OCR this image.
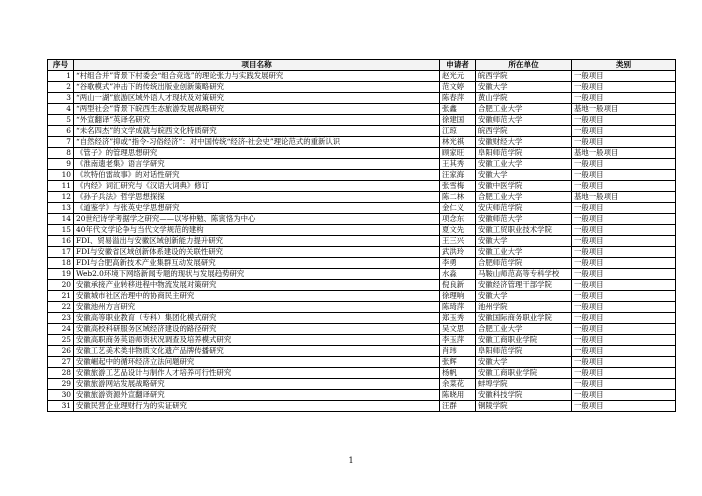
序号	项目名称	申请者	所在单位	类别
1	“村组合并”背景下村委会“组合竞选”的理论张力与实践发展研究	赵光元	皖西学院	一般项目
2	“谷歌模式”冲击下的传统出版业创新策略研究	范文婷	安徽大学	一般项目
3	“两山一湖”旅游区域外语人才现状及对策研究	陈春萍	黄山学院	一般项目
4	“两型社会”背景下皖西生态旅游发展战略研究	张鑫	合肥工业大学	基地一般项目
5	“外宣翻译”英译名研究	徐建国	安徽师范大学	一般项目
6	“未名四杰”的文学成就与皖西文化特质研究	江琼	皖西学院	一般项目
7	“自然经济”抑或“指令-习俗经济”：对中国传统“经济-社会史”理论范式的重新认识	林光祺	安徽财经大学	一般项目
8	《管子》的管理思想研究	顾家旺	阜阳师范学院	基地一般项目
9	《淮南遗老集》语言学研究	王其秀	安徽工业大学	一般项目
10	《坎特伯雷故事》的对话性研究	汪家海	安徽大学	一般项目
11	《内经》词汇研究与《汉语大词典》修订	张雪梅	安徽中医学院	一般项目
12	《孙子兵法》哲学思想探探	陈二林	合肥工业大学	基地一般项目
13	《道鉴学》与张英史学思想研究	金仁义	安庆师范学院	一般项目
14	20世纪诗学考据学之研究——以岑仲勉、陈寅恪为中心	项念东	安徽师范大学	一般项目
15	40年代文学论争与当代文学规范的建构	夏文先	安徽工贸职业技术学院	一般项目
16	FDI、贸易溢出与安徽区域创新能力提升研究	王三兴	安徽大学	一般项目
17	FDI与安徽省区域创新体系建设的关联性研究	武洪玲	安徽工业大学	一般项目
18	FDI与合肥高新技术产业集群互动发展研究	李勇	合肥师范学院	一般项目
19	Web2.0环境下网络新闻专题的现状与发展趋势研究	水淼	马鞍山师范高等专科学校	一般项目
20	安徽承接产业转移进程中物流发展对策研究	倪良新	安徽经济管理干部学院	一般项目
21	安徽城市社区治理中的协商民主研究	徐理响	安徽大学	一般项目
22	安徽池州方言研究	陈琦萍	池州学院	一般项目
23	安徽高等职业教育（专科）集团化模式研究	郑玉秀	安徽国际商务职业学院	一般项目
24	安徽高校科研服务区域经济建设的路径研究	吴文思	合肥工业大学	一般项目
25	安徽高职商务英语师资状况调查及培养模式研究	李玉萍	安徽工商职业学院	一般项目
26	安徽工艺美术类非物质文化遗产品牌传播研究	肖玮	阜阳师范学院	一般项目
27	安徽崛起中的循环经济立法问题研究	张辉	安徽大学	一般项目
28	安徽旅游工艺品设计与制作人才培养可行性研究	杨帆	安徽工商职业学院	一般项目
29	安徽旅游网站发展战略研究	余菜花	蚌埠学院	一般项目
30	安徽旅游资源外宣翻译研究	陈晓用	安徽科技学院	一般项目
31	安徽民营企业理财行为的实证研究	汪群	铜陵学院	一般项目
1
